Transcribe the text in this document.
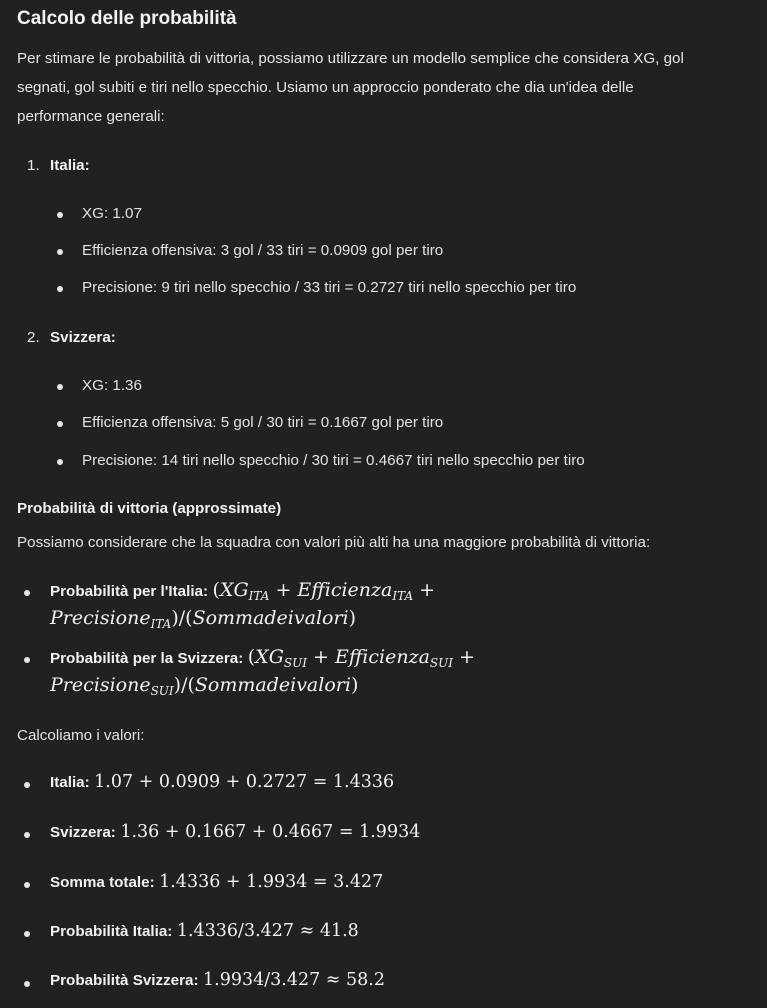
Calcolo delle probabilità
Per stimare le probabilità di vittoria, possiamo utilizzare un modello semplice che considera XG, gol
segnati, gol subiti e tiri nello specchio. Usiamo un approccio ponderato che dia un'idea delle
performance generali:
1. Italia:
XG: 1.07
Efficienza offensiva: 3 gol / 33 tiri = 0.0909 gol per tiro
Precisione: 9 tiri nello specchio / 33 tiri = 0.2727 tiri nello specchio per tiro
2. Svizzera:
XG: 1.36
Efficienza offensiva: 5 gol / 30 tiri = 0.1667 gol per tiro
Precisione: 14 tiri nello specchio / 30 tiri = 0.4667 tiri nello specchio per tiro
Probabilità di vittoria (approssimate)
Possiamo considerare che la squadra con valori più alti ha una maggiore probabilità di vittoria:
Probabilità per l'Italia: ($XG_{ITA}$ + Efficienza$_{ITA}$ +
Precisione$_{ITA}$)/(Sommadeivalori)
Probabilità per la Svizzera: ($XG_{SUI}$ + Efficienza$_{SUI}$ +
Precisione$_{SUI}$)/(Sommadeivalori)
Calcoliamo i valori:
Italia: 1.07 + 0.0909 + 0.2727 = 1.4336
Svizzera: 1.36 + 0.1667 + 0.4667 = 1.9934
Somma totale: 1.4336 + 1.9934 = 3.427
Probabilità Italia: 1.4336/3.427 ≈ 41.8
Probabilità Svizzera: 1.9934/3.427 ≈ 58.2
